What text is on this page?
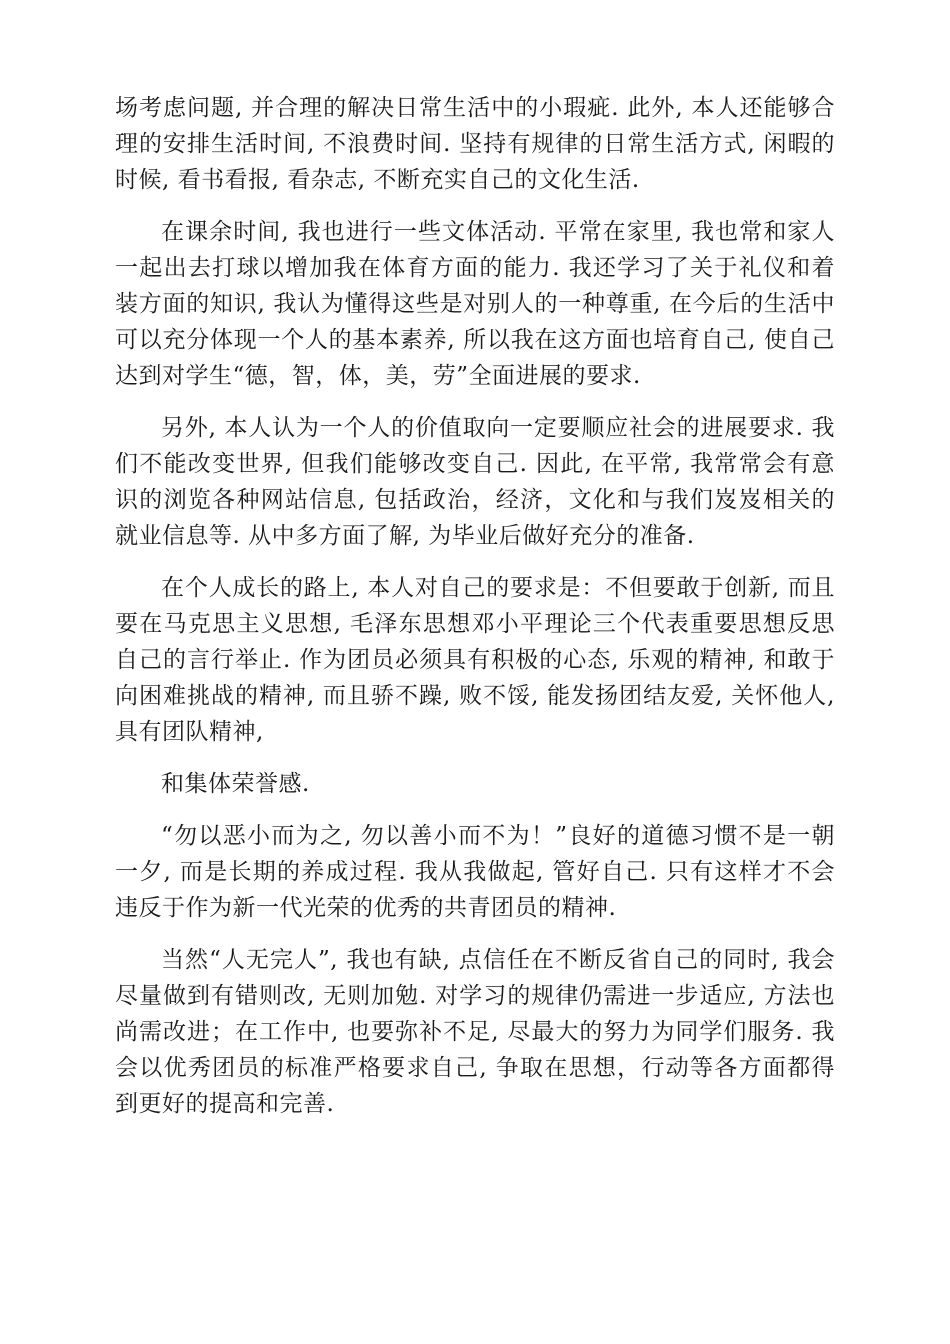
场考虑问题, 并合理的解决日常生活中的小瑕疵. 此外, 本人还能够合理的安排生活时间, 不浪费时间. 坚持有规律的日常生活方式, 闲暇的时候, 看书看报, 看杂志, 不断充实自己的文化生活.

在课余时间, 我也进行一些文体活动. 平常在家里, 我也常和家人一起出去打球以增加我在体育方面的能力. 我还学习了关于礼仪和着装方面的知识, 我认为懂得这些是对别人的一种尊重, 在今后的生活中可以充分体现一个人的基本素养, 所以我在这方面也培育自己, 使自己达到对学生“德，智，体，美，劳”全面进展的要求.

另外, 本人认为一个人的价值取向一定要顺应社会的进展要求. 我们不能改变世界, 但我们能够改变自己. 因此, 在平常, 我常常会有意识的浏览各种网站信息, 包括政治，经济，文化和与我们岌岌相关的就业信息等. 从中多方面了解, 为毕业后做好充分的准备.

在个人成长的路上, 本人对自己的要求是：不但要敢于创新, 而且要在马克思主义思想, 毛泽东思想邓小平理论三个代表重要思想反思自己的言行举止. 作为团员必须具有积极的心态, 乐观的精神, 和敢于向困难挑战的精神, 而且骄不躁, 败不馁, 能发扬团结友爱, 关怀他人, 具有团队精神,

和集体荣誉感.

“勿以恶小而为之, 勿以善小而不为！”良好的道德习惯不是一朝一夕, 而是长期的养成过程. 我从我做起, 管好自己. 只有这样才不会违反于作为新一代光荣的优秀的共青团员的精神.

当然“人无完人”, 我也有缺, 点信任在不断反省自己的同时, 我会尽量做到有错则改, 无则加勉. 对学习的规律仍需进一步适应, 方法也尚需改进；在工作中, 也要弥补不足, 尽最大的努力为同学们服务. 我会以优秀团员的标准严格要求自己, 争取在思想，行动等各方面都得到更好的提高和完善.
